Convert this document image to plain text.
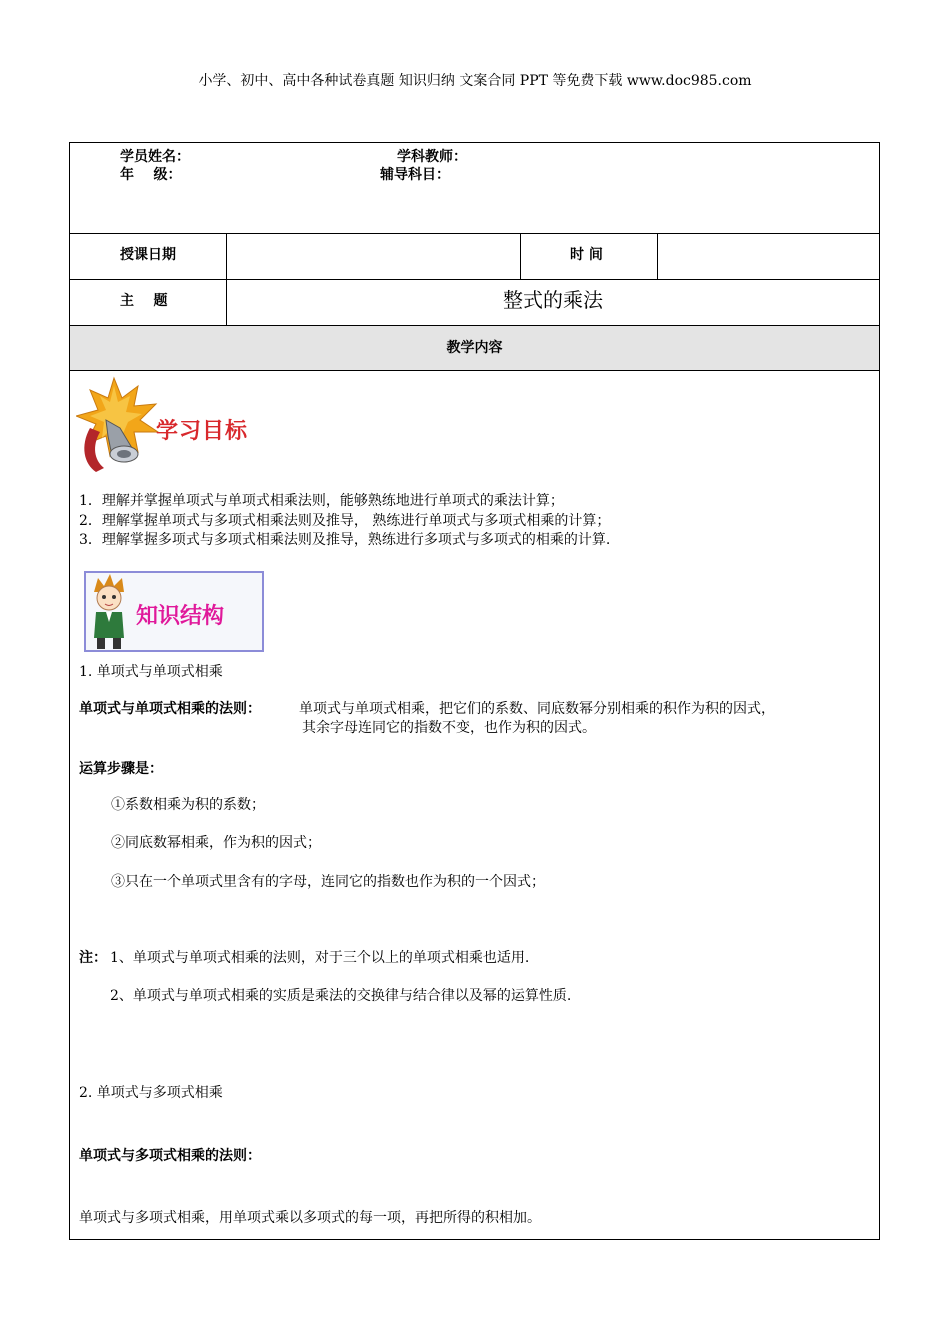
小学、初中、高中各种试卷真题 知识归纳 文案合同 PPT 等免费下载 www.doc985.com
学员姓名：	学科教师：
年    级：	辅导科目：
授课日期	时 间
主    题	整式的乘法
教学内容
学习目标
1．理解并掌握单项式与单项式相乘法则，能够熟练地进行单项式的乘法计算；
2．理解掌握单项式与多项式相乘法则及推导， 熟练进行单项式与多项式相乘的计算；
3．理解掌握多项式与多项式相乘法则及推导，熟练进行多项式与多项式的相乘的计算.
知识结构
1. 单项式与单项式相乘
单项式与单项式相乘的法则：	单项式与单项式相乘，把它们的系数、同底数幂分别相乘的积作为积的因式，
其余字母连同它的指数不变，也作为积的因式。
运算步骤是：
①系数相乘为积的系数；
②同底数幂相乘，作为积的因式；
③只在一个单项式里含有的字母，连同它的指数也作为积的一个因式；
注： 1、单项式与单项式相乘的法则，对于三个以上的单项式相乘也适用.
2、单项式与单项式相乘的实质是乘法的交换律与结合律以及幂的运算性质.
2. 单项式与多项式相乘
单项式与多项式相乘的法则：
单项式与多项式相乘，用单项式乘以多项式的每一项，再把所得的积相加。
